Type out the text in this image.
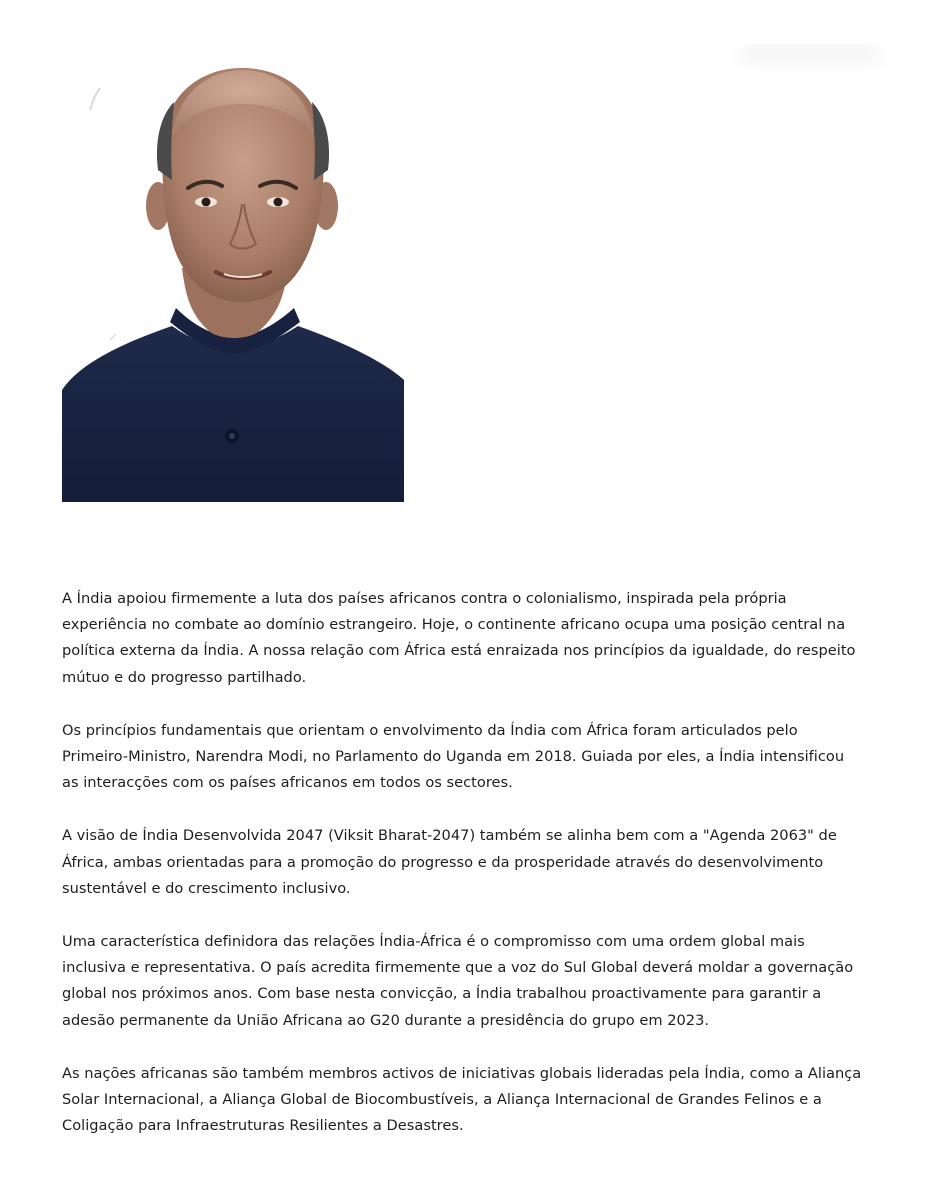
A Índia apoiou firmemente a luta dos países africanos contra o colonialismo, inspirada pela própria experiência no combate ao domínio estrangeiro. Hoje, o continente africano ocupa uma posição central na política externa da Índia. A nossa relação com África está enraizada nos princípios da igualdade, do respeito mútuo e do progresso partilhado.

Os princípios fundamentais que orientam o envolvimento da Índia com África foram articulados pelo Primeiro-Ministro, Narendra Modi, no Parlamento do Uganda em 2018. Guiada por eles, a Índia intensificou as interacções com os países africanos em todos os sectores.

A visão de Índia Desenvolvida 2047 (Viksit Bharat-2047) também se alinha bem com a "Agenda 2063" de África, ambas orientadas para a promoção do progresso e da prosperidade através do desenvolvimento sustentável e do crescimento inclusivo.

Uma característica definidora das relações Índia-África é o compromisso com uma ordem global mais inclusiva e representativa. O país acredita firmemente que a voz do Sul Global deverá moldar a governação global nos próximos anos. Com base nesta convicção, a Índia trabalhou proactivamente para garantir a adesão permanente da União Africana ao G20 durante a presidência do grupo em 2023.

As nações africanas são também membros activos de iniciativas globais lideradas pela Índia, como a Aliança Solar Internacional, a Aliança Global de Biocombustíveis, a Aliança Internacional de Grandes Felinos e a Coligação para Infraestruturas Resilientes a Desastres.
